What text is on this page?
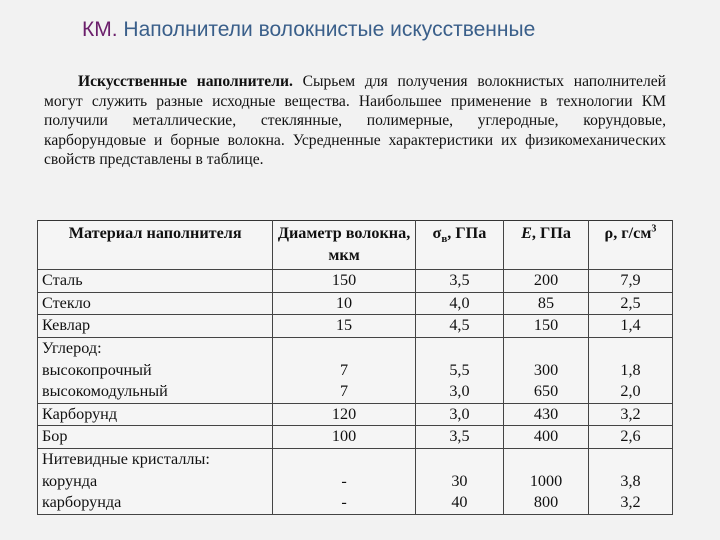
КМ. Наполнители волокнистые искусственные
Искусственные наполнители. Сырьем для получения волокнистых наполнителей могут служить разные исходные вещества. Наибольшее применение в технологии КМ получили металлические, стеклянные, полимерные, углеродные, корундовые, карборундовые и борные волокна. Усредненные характеристики их физикомеханических свойств представлены в таблице.
Материал наполнителя	Диаметр волокна, мкм	$\sigma_в$, ГПа	E, ГПа	ρ, $г/см^3$
Сталь	150	3,5	200	7,9
Стекло	10	4,0	85	2,5
Кевлар	15	4,5	150	1,4
Углерод:				
высокопрочный	7	5,5	300	1,8
высокомодульный	7	3,0	650	2,0
Карборунд	120	3,0	430	3,2
Бор	100	3,5	400	2,6
Нитевидные кристаллы:				
корунда	-	30	1000	3,8
карборунда	-	40	800	3,2
